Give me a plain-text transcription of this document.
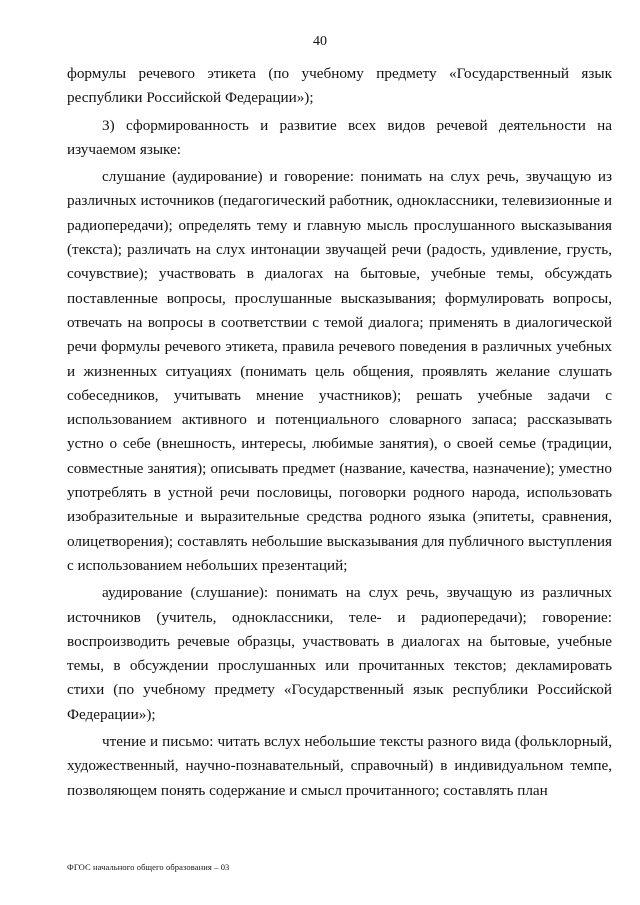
40

формулы речевого этикета (по учебному предмету «Государственный язык республики Российской Федерации»);

3) сформированность и развитие всех видов речевой деятельности на изучаемом языке:

слушание (аудирование) и говорение: понимать на слух речь, звучащую из различных источников (педагогический работник, одноклассники, телевизионные и радиопередачи); определять тему и главную мысль прослушанного высказывания (текста); различать на слух интонации звучащей речи (радость, удивление, грусть, сочувствие); участвовать в диалогах на бытовые, учебные темы, обсуждать поставленные вопросы, прослушанные высказывания; формулировать вопросы, отвечать на вопросы в соответствии с темой диалога; применять в диалогической речи формулы речевого этикета, правила речевого поведения в различных учебных и жизненных ситуациях (понимать цель общения, проявлять желание слушать собеседников, учитывать мнение участников); решать учебные задачи с использованием активного и потенциального словарного запаса; рассказывать устно о себе (внешность, интересы, любимые занятия), о своей семье (традиции, совместные занятия); описывать предмет (название, качества, назначение); уместно употреблять в устной речи пословицы, поговорки родного народа, использовать изобразительные и выразительные средства родного языка (эпитеты, сравнения, олицетворения); составлять небольшие высказывания для публичного выступления с использованием небольших презентаций;

аудирование (слушание): понимать на слух речь, звучащую из различных источников (учитель, одноклассники, теле- и радиопередачи); говорение: воспроизводить речевые образцы, участвовать в диалогах на бытовые, учебные темы, в обсуждении прослушанных или прочитанных текстов; декламировать стихи (по учебному предмету «Государственный язык республики Российской Федерации»);

чтение и письмо: читать вслух небольшие тексты разного вида (фольклорный, художественный, научно-познавательный, справочный) в индивидуальном темпе, позволяющем понять содержание и смысл прочитанного; составлять план

ФГОС начального общего образования – 03
